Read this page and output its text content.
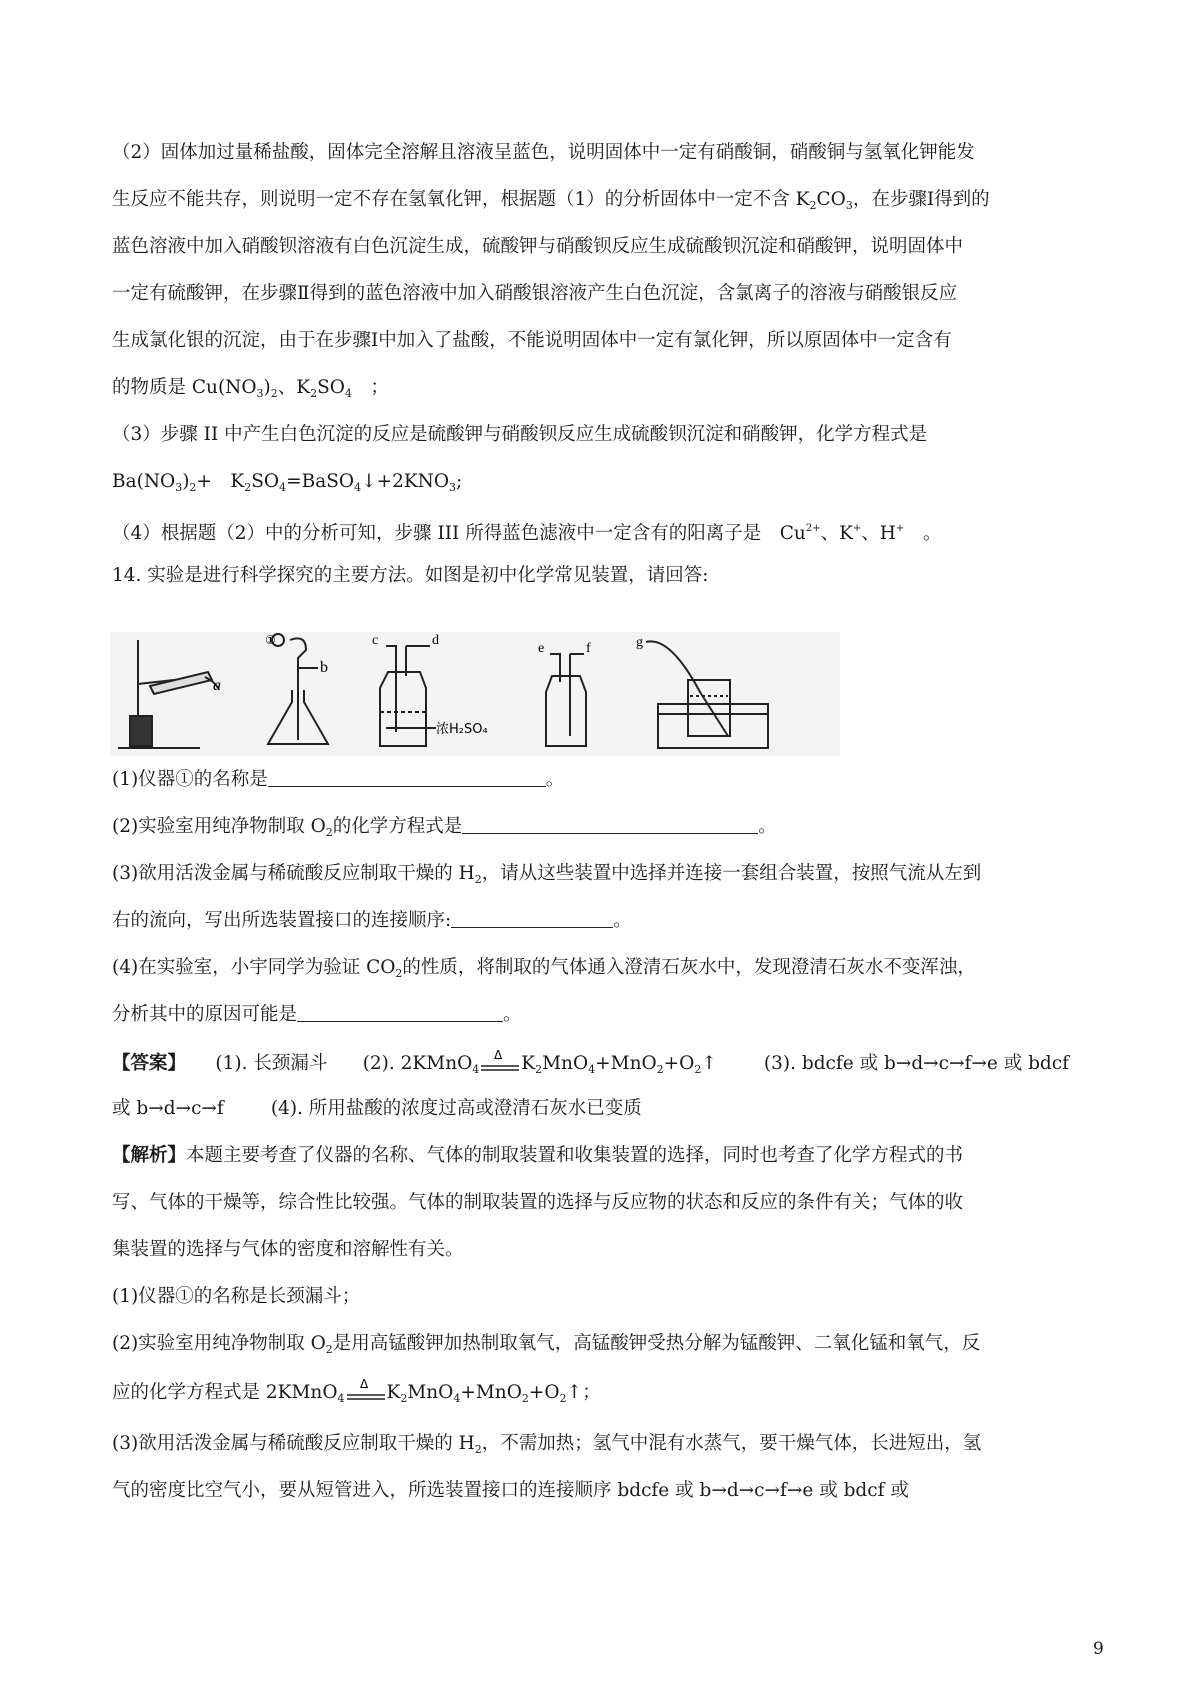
（2）固体加过量稀盐酸，固体完全溶解且溶液呈蓝色，说明固体中一定有硝酸铜，硝酸铜与氢氧化钾能发
生反应不能共存，则说明一定不存在氢氧化钾，根据题（1）的分析固体中一定不含 $K_2CO_3$，在步骤Ⅰ得到的
蓝色溶液中加入硝酸钡溶液有白色沉淀生成，硫酸钾与硝酸钡反应生成硫酸钡沉淀和硝酸钾，说明固体中
一定有硫酸钾，在步骤Ⅱ得到的蓝色溶液中加入硝酸银溶液产生白色沉淀，含氯离子的溶液与硝酸银反应
生成氯化银的沉淀，由于在步骤Ⅰ中加入了盐酸，不能说明固体中一定有氯化钾，所以原固体中一定含有
的物质是 $Cu(NO_3)_2$、$K_2SO_4$　；
（3）步骤 II 中产生白色沉淀的反应是硫酸钾与硝酸钡反应生成硫酸钡沉淀和硝酸钾，化学方程式是
$Ba(NO_3)_2+$　$K_2SO_4=BaSO_4↓+2KNO_3$;
（4）根据题（2）中的分析可知，步骤 III 所得蓝色滤液中一定含有的阳离子是　$Cu^{2+}$、K+、H+　。
14. 实验是进行科学探究的主要方法。如图是初中化学常见装置，请回答:
a
①
b
c	d
浓H₂SO₄
e	f	g
(1)仪器①的名称是	。
(2)实验室用纯净物制取 $O_2$的化学方程式是	。
(3)欲用活泼金属与稀硫酸反应制取干燥的 $H_2$，请从这些装置中选择并连接一套组合装置，按照气流从左到
右的流向，写出所选装置接口的连接顺序:	。
(4)在实验室，小宇同学为验证 $CO_2$的性质，将制取的气体通入澄清石灰水中，发现澄清石灰水不变浑浊，
分析其中的原因可能是	。
【答案】 (1). 长颈漏斗 (2). 2KMnO$_4$
Δ $K_2MnO_4+MnO_2+O_2↑$	(3). bdcfe 或 b→d→c→f→e 或 bdcf
或 b→d→c→f	(4). 所用盐酸的浓度过高或澄清石灰水已变质
【解析】本题主要考查了仪器的名称、气体的制取装置和收集装置的选择，同时也考查了化学方程式的书
写、气体的干燥等，综合性比较强。气体的制取装置的选择与反应物的状态和反应的条件有关；气体的收
集装置的选择与气体的密度和溶解性有关。
(1)仪器①的名称是长颈漏斗；
(2)实验室用纯净物制取 $O_2$是用高锰酸钾加热制取氧气，高锰酸钾受热分解为锰酸钾、二氧化锰和氧气，反
应的化学方程式是 2KMnO$_4$
Δ $K_2MnO_4+MnO_2+O_2↑$；
(3)欲用活泼金属与稀硫酸反应制取干燥的 $H_2$，不需加热；氢气中混有水蒸气，要干燥气体，长进短出，氢
气的密度比空气小，要从短管进入，所选装置接口的连接顺序 bdcfe 或 b→d→c→f→e 或 bdcf 或
9
